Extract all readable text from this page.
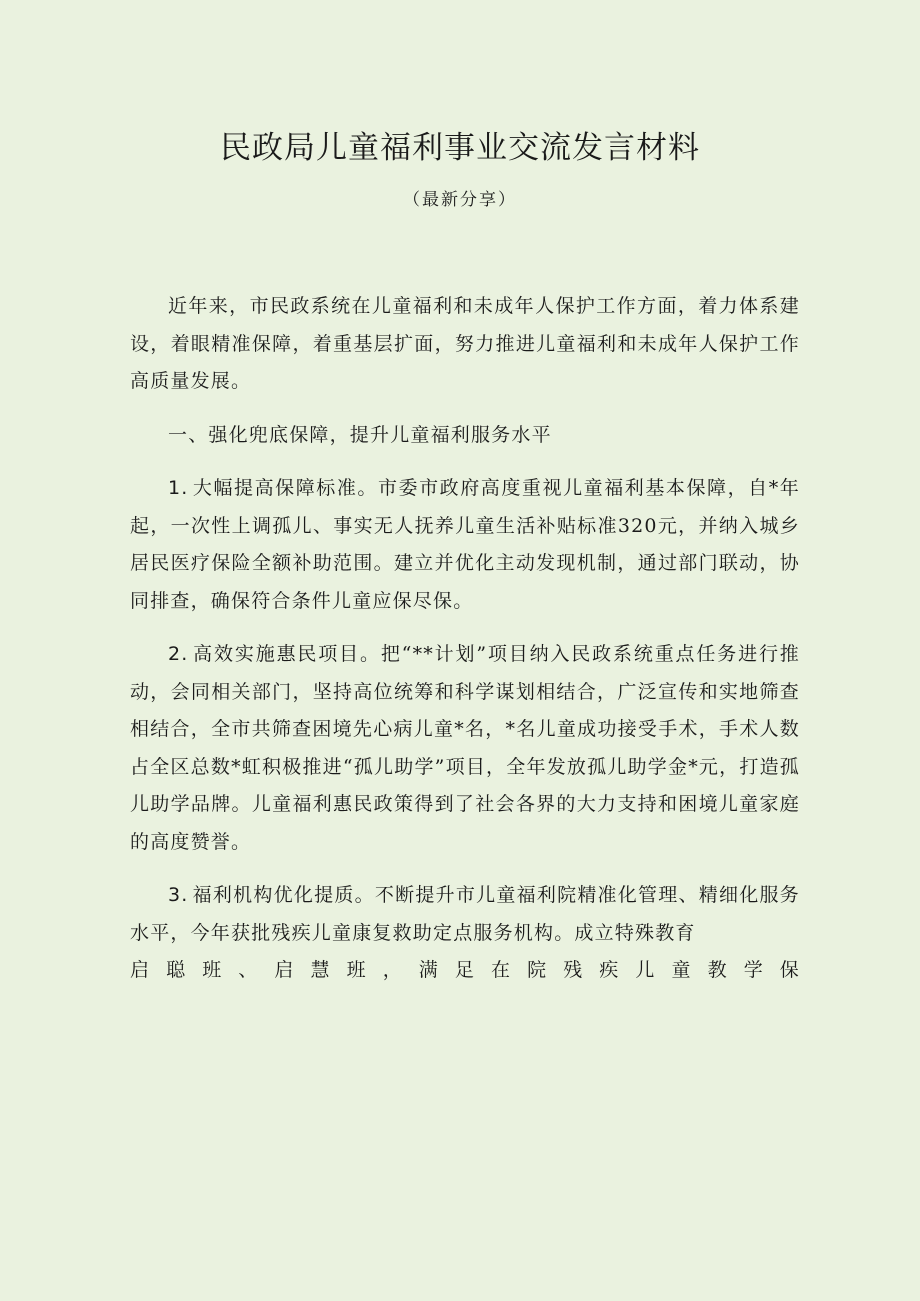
民政局儿童福利事业交流发言材料

（最新分享）

近年来，市民政系统在儿童福利和未成年人保护工作方面，着力体系建设，着眼精准保障，着重基层扩面，努力推进儿童福利和未成年人保护工作高质量发展。

一、强化兜底保障，提升儿童福利服务水平

1. 大幅提高保障标准。市委市政府高度重视儿童福利基本保障，自*年起，一次性上调孤儿、事实无人抚养儿童生活补贴标准320元，并纳入城乡居民医疗保险全额补助范围。建立并优化主动发现机制，通过部门联动，协同排查，确保符合条件儿童应保尽保。

2. 高效实施惠民项目。把“**计划”项目纳入民政系统重点任务进行推动，会同相关部门，坚持高位统筹和科学谋划相结合，广泛宣传和实地筛查相结合，全市共筛查困境先心病儿童*名，*名儿童成功接受手术，手术人数占全区总数*虹积极推进“孤儿助学”项目，全年发放孤儿助学金*元，打造孤儿助学品牌。儿童福利惠民政策得到了社会各界的大力支持和困境儿童家庭的高度赞誉。

3. 福利机构优化提质。不断提升市儿童福利院精准化管理、精细化服务水平，今年获批残疾儿童康复救助定点服务机构。成立特殊教育

启聪班、启慧班，满足在院残疾儿童教学保
